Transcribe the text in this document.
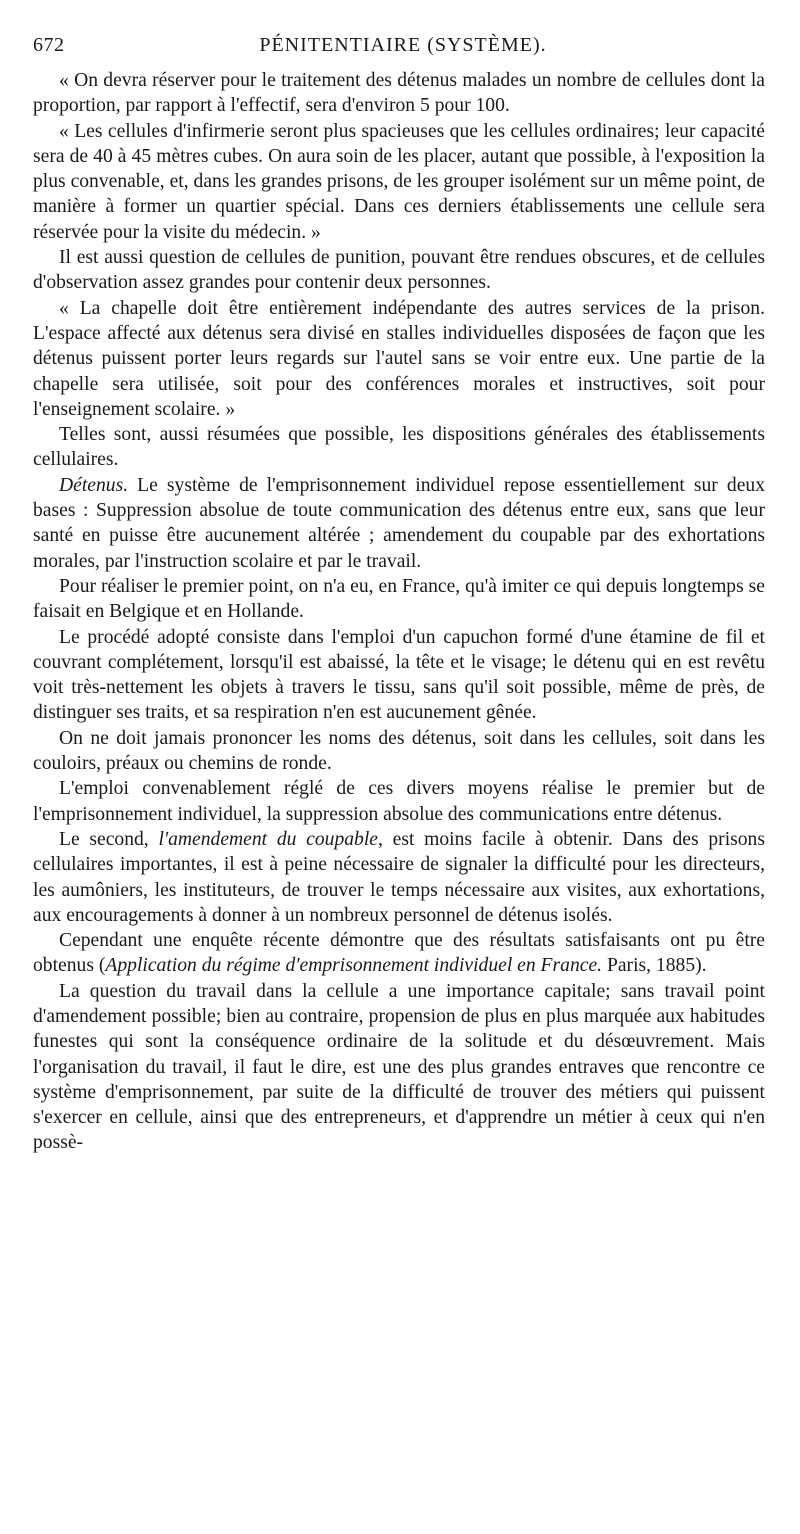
672	PÉNITENTIAIRE (SYSTÈME).

« On devra réserver pour le traitement des détenus malades un nombre de cellules dont la proportion, par rapport à l'effectif, sera d'environ 5 pour 100.

« Les cellules d'infirmerie seront plus spacieuses que les cellules ordinaires; leur capacité sera de 40 à 45 mètres cubes. On aura soin de les placer, autant que possible, à l'exposition la plus convenable, et, dans les grandes prisons, de les grouper isolément sur un même point, de manière à former un quartier spécial. Dans ces derniers établissements une cellule sera réservée pour la visite du médecin. »

Il est aussi question de cellules de punition, pouvant être rendues obscures, et de cellules d'observation assez grandes pour contenir deux personnes.

« La chapelle doit être entièrement indépendante des autres services de la prison. L'espace affecté aux détenus sera divisé en stalles individuelles disposées de façon que les détenus puissent porter leurs regards sur l'autel sans se voir entre eux. Une partie de la chapelle sera utilisée, soit pour des conférences morales et instructives, soit pour l'enseignement scolaire. »

Telles sont, aussi résumées que possible, les dispositions générales des établissements cellulaires.

Détenus. Le système de l'emprisonnement individuel repose essentiellement sur deux bases : Suppression absolue de toute communication des détenus entre eux, sans que leur santé en puisse être aucunement altérée ; amendement du coupable par des exhortations morales, par l'instruction scolaire et par le travail.

Pour réaliser le premier point, on n'a eu, en France, qu'à imiter ce qui depuis longtemps se faisait en Belgique et en Hollande.

Le procédé adopté consiste dans l'emploi d'un capuchon formé d'une étamine de fil et couvrant complétement, lorsqu'il est abaissé, la tête et le visage; le détenu qui en est revêtu voit très-nettement les objets à travers le tissu, sans qu'il soit possible, même de près, de distinguer ses traits, et sa respiration n'en est aucunement gênée.

On ne doit jamais prononcer les noms des détenus, soit dans les cellules, soit dans les couloirs, préaux ou chemins de ronde.

L'emploi convenablement réglé de ces divers moyens réalise le premier but de l'emprisonnement individuel, la suppression absolue des communications entre détenus.

Le second, l'amendement du coupable, est moins facile à obtenir. Dans des prisons cellulaires importantes, il est à peine nécessaire de signaler la difficulté pour les directeurs, les aumôniers, les instituteurs, de trouver le temps nécessaire aux visites, aux exhortations, aux encouragements à donner à un nombreux personnel de détenus isolés.

Cependant une enquête récente démontre que des résultats satisfaisants ont pu être obtenus (Application du régime d'emprisonnement individuel en France. Paris, 1885).

La question du travail dans la cellule a une importance capitale; sans travail point d'amendement possible; bien au contraire, propension de plus en plus marquée aux habitudes funestes qui sont la conséquence ordinaire de la solitude et du désœuvrement. Mais l'organisation du travail, il faut le dire, est une des plus grandes entraves que rencontre ce système d'emprisonnement, par suite de la difficulté de trouver des métiers qui puissent s'exercer en cellule, ainsi que des entrepreneurs, et d'apprendre un métier à ceux qui n'en possè-
